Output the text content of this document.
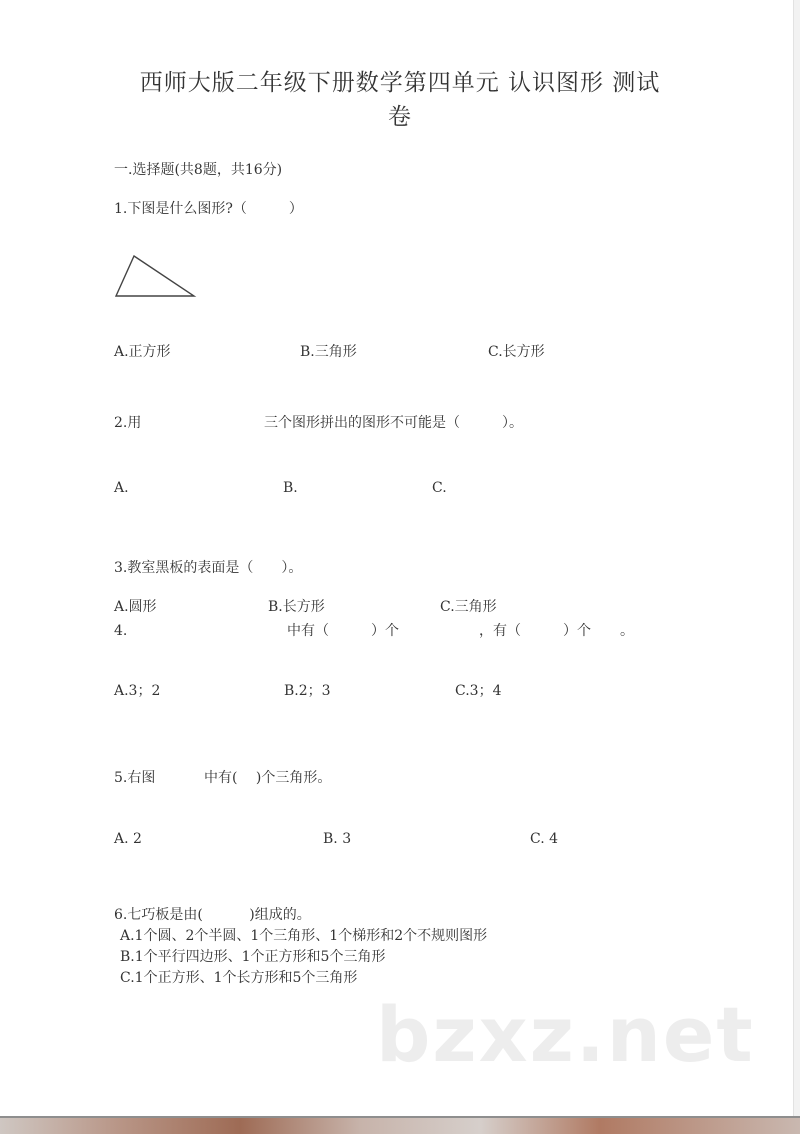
西师大版二年级下册数学第四单元 认识图形 测试
卷
一.选择题(共8题，共16分)
1.下图是什么图形?（　　　）
A.正方形	B.三角形	C.长方形
2.用	三个图形拼出的图形不可能是（　　　）。
A.	B.	C.
3.教室黑板的表面是（　　）。
A.圆形	B.长方形	C.三角形
4.	中有（　　　）个	，有（　　　）个 。
A.3；2	B.2；3	C.3；4
5.右图	中有(　 )个三角形。
A. 2	B. 3	C. 4
6.七巧板是由(　　　 )组成的。
A.1个圆、2个半圆、1个三角形、1个梯形和2个不规则图形
B.1个平行四边形、1个正方形和5个三角形
C.1个正方形、1个长方形和5个三角形
bzxz.net
